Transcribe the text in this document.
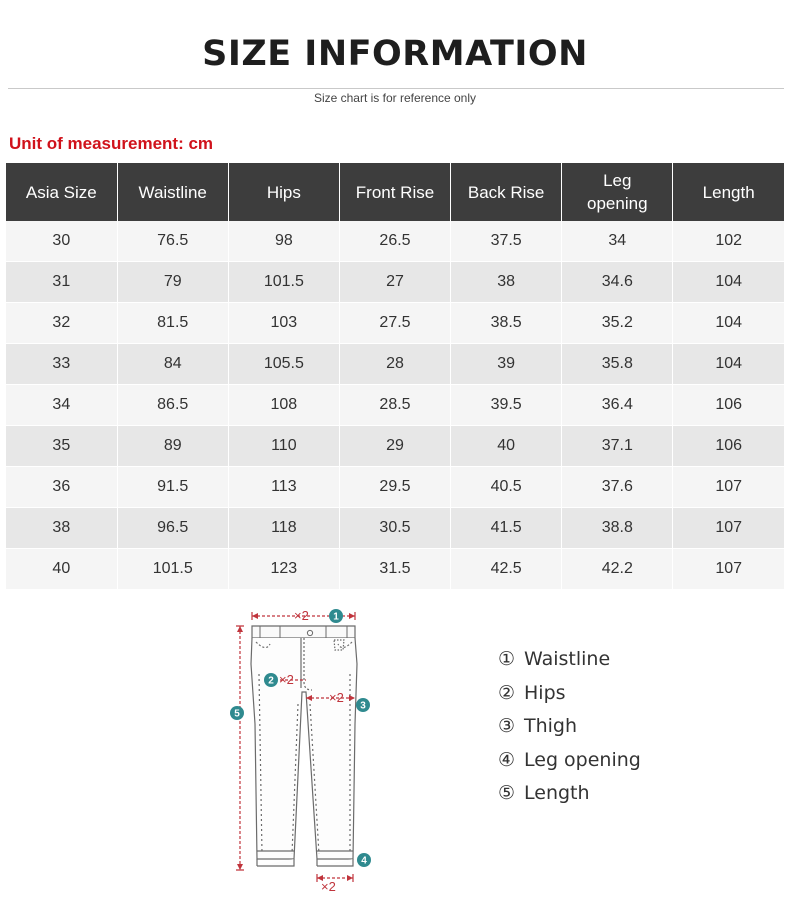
SIZE INFORMATION
Size chart is for reference only
Unit of measurement: cm
Asia Size	Waistline	Hips	Front Rise	Back Rise	Leg opening	Length
30	76.5	98	26.5	37.5	34	102
31	79	101.5	27	38	34.6	104
32	81.5	103	27.5	38.5	35.2	104
33	84	105.5	28	39	35.8	104
34	86.5	108	28.5	39.5	36.4	106
35	89	110	29	40	37.1	106
36	91.5	113	29.5	40.5	37.6	107
38	96.5	118	30.5	41.5	38.8	107
40	101.5	123	31.5	42.5	42.2	107
×2
×2
×2
×2
1
2
3
4
5
① Waistline
② Hips
③ Thigh
④ Leg opening
⑤ Length
